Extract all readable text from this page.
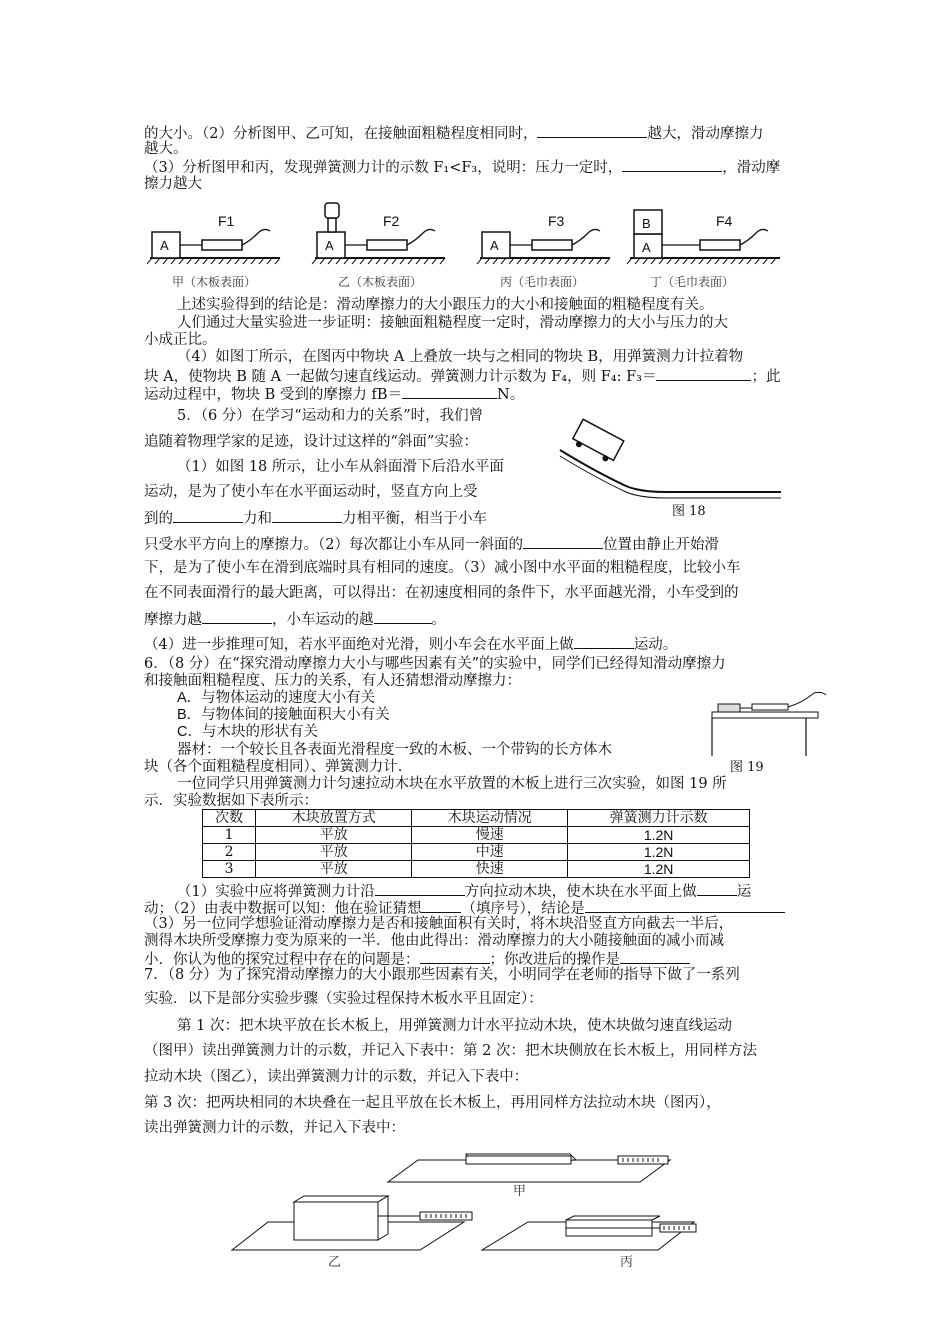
的大小。（2）分析图甲、乙可知，在接触面粗糙程度相同时，	越大，滑动摩擦力
越大。
（3）分析图甲和丙，发现弹簧测力计的示数 F₁<F₃，说明：压力一定时，	，滑动摩
擦力越大
A	A	A	A
B
F1	F2	F3	F4
甲（木板表面）	乙（木板表面）	丙（毛巾表面）	丁（毛巾表面）
上述实验得到的结论是：滑动摩擦力的大小跟压力的大小和接触面的粗糙程度有关。
人们通过大量实验进一步证明：接触面粗糙程度一定时，滑动摩擦力的大小与压力的大
小成正比。
（4）如图丁所示，在图丙中物块 A 上叠放一块与之相同的物块 B，用弹簧测力计拉着物
块 A，使物块 B 随 A 一起做匀速直线运动。弹簧测力计示数为 F₄，则 F₄: F₃＝	；此
运动过程中，物块 B 受到的摩擦力 fB＝	N。
5．（6 分）在学习“运动和力的关系”时，我们曾
追随着物理学家的足迹，设计过这样的“斜面”实验：
（1）如图 18 所示，让小车从斜面滑下后沿水平面
运动，是为了使小车在水平面运动时，竖直方向上受
到的	力和	力相平衡，相当于小车
只受水平方向上的摩擦力。（2）每次都让小车从同一斜面的	位置由静止开始滑
下，是为了使小车在滑到底端时具有相同的速度。（3）减小图中水平面的粗糙程度，比较小车
在不同表面滑行的最大距离，可以得出：在初速度相同的条件下，水平面越光滑，小车受到的
摩擦力越	，小车运动的越	。
（4）进一步推理可知，若水平面绝对光滑，则小车会在水平面上做	运动。
图 18
6．（8 分）在“探究滑动摩擦力大小与哪些因素有关”的实验中，同学们已经得知滑动摩擦力
和接触面粗糙程度、压力的关系，有人还猜想滑动摩擦力：
A．与物体运动的速度大小有关
B．与物体间的接触面积大小有关
C．与木块的形状有关
器材：一个较长且各表面光滑程度一致的木板、一个带钩的长方体木
块（各个面粗糙程度相同）、弹簧测力计.
一位同学只用弹簧测力计匀速拉动木块在水平放置的木板上进行三次实验，如图 19 所
示．实验数据如下表所示：
图 19
次数	木块放置方式	木块运动情况	弹簧测力计示数
1	平放	慢速	1.2N
2	平放	中速	1.2N
3	平放	快速	1.2N
（1）实验中应将弹簧测力计沿	方向拉动木块，使木块在水平面上做	运
动；（2）由表中数据可以知：他在验证猜想	（填序号），结论是
（3）另一位同学想验证滑动摩擦力是否和接触面积有关时，将木块沿竖直方向截去一半后，
测得木块所受摩擦力变为原来的一半．他由此得出：滑动摩擦力的大小随接触面的减小而减
小．你认为他的探究过程中存在的问题是：	；你改进后的操作是
7．（8 分）为了探究滑动摩擦力的大小跟那些因素有关，小明同学在老师的指导下做了一系列
实验．以下是部分实验步骤（实验过程保持木板水平且固定）：
第 1 次：把木块平放在长木板上，用弹簧测力计水平拉动木块，使木块做匀速直线运动
（图甲）读出弹簧测力计的示数，并记入下表中：第 2 次：把木块侧放在长木板上，用同样方法
拉动木块（图乙），读出弹簧测力计的示数，并记入下表中：
第 3 次：把两块相同的木块叠在一起且平放在长木板上，再用同样方法拉动木块（图丙），
读出弹簧测力计的示数，并记入下表中：
甲
乙	丙
